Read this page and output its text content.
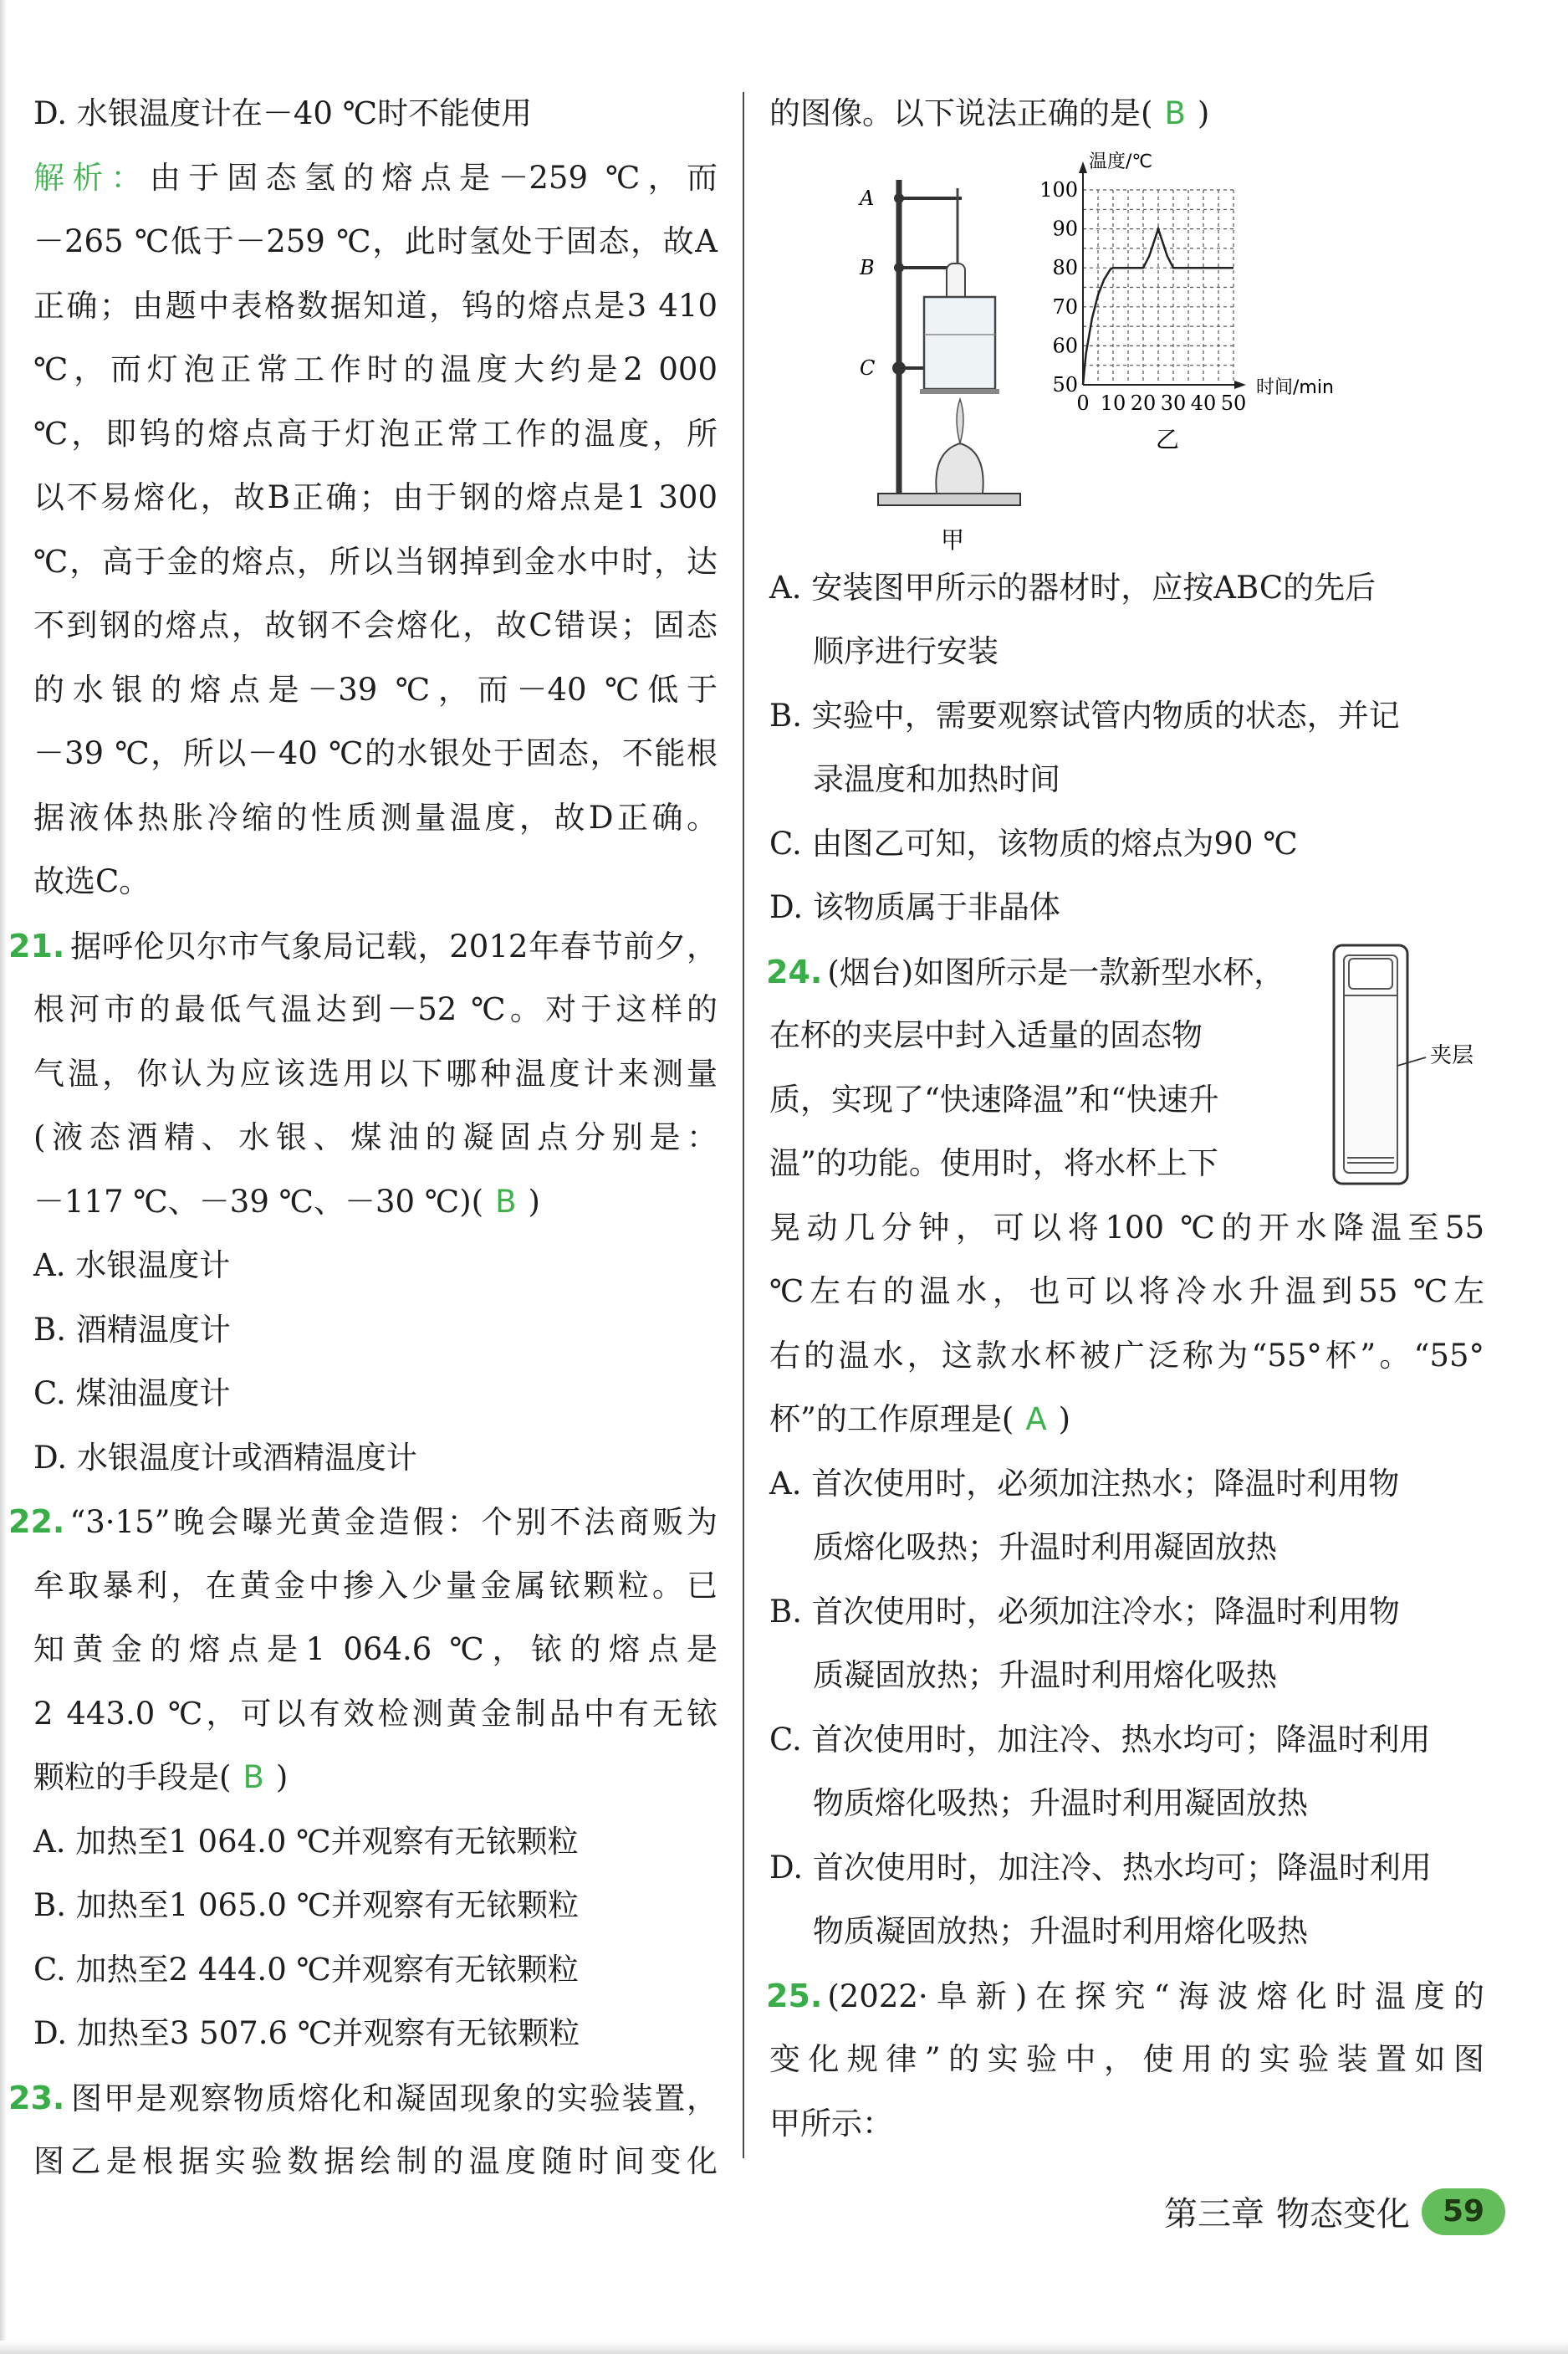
D. 水银温度计在－40 ℃时不能使用
解析：由于固态氢的熔点是－259 ℃，而
－265 ℃低于－259 ℃，此时氢处于固态，故A
正确；由题中表格数据知道，钨的熔点是3 410
℃，而灯泡正常工作时的温度大约是2 000
℃，即钨的熔点高于灯泡正常工作的温度，所
以不易熔化，故B正确；由于钢的熔点是1 300
℃，高于金的熔点，所以当钢掉到金水中时，达
不到钢的熔点，故钢不会熔化，故C错误；固态
的水银的熔点是－39 ℃，而－40 ℃低于
－39 ℃，所以－40 ℃的水银处于固态，不能根
据液体热胀冷缩的性质测量温度，故D正确。
故选C。
21. 据呼伦贝尔市气象局记载，2012年春节前夕，
根河市的最低气温达到－52 ℃。对于这样的
气温，你认为应该选用以下哪种温度计来测量
(液态酒精、水银、煤油的凝固点分别是：
－117 ℃、－39 ℃、－30 ℃)( B )
A. 水银温度计
B. 酒精温度计
C. 煤油温度计
D. 水银温度计或酒精温度计
22. “3·15”晚会曝光黄金造假：个别不法商贩为
牟取暴利，在黄金中掺入少量金属铱颗粒。已
知黄金的熔点是1 064.6 ℃，铱的熔点是
2 443.0 ℃，可以有效检测黄金制品中有无铱
颗粒的手段是( B )
A. 加热至1 064.0 ℃并观察有无铱颗粒
B. 加热至1 065.0 ℃并观察有无铱颗粒
C. 加热至2 444.0 ℃并观察有无铱颗粒
D. 加热至3 507.6 ℃并观察有无铱颗粒
23. 图甲是观察物质熔化和凝固现象的实验装置，
图乙是根据实验数据绘制的温度随时间变化
的图像。以下说法正确的是( B )
A
B
C
甲
50
60
70
80
90
100
0 10 20 30 40 50
温度/℃
时间/min
乙
A. 安装图甲所示的器材时，应按ABC的先后
顺序进行安装
B. 实验中，需要观察试管内物质的状态，并记
录温度和加热时间
C. 由图乙可知，该物质的熔点为90 ℃
D. 该物质属于非晶体
夹层
24. (烟台)如图所示是一款新型水杯，
在杯的夹层中封入适量的固态物
质，实现了“快速降温”和“快速升
温”的功能。使用时，将水杯上下
晃动几分钟，可以将100 ℃的开水降温至55
℃左右的温水，也可以将冷水升温到55 ℃左
右的温水，这款水杯被广泛称为“55°杯”。“55°
杯”的工作原理是( A )
A. 首次使用时，必须加注热水；降温时利用物
质熔化吸热；升温时利用凝固放热
B. 首次使用时，必须加注冷水；降温时利用物
质凝固放热；升温时利用熔化吸热
C. 首次使用时，加注冷、热水均可；降温时利用
物质熔化吸热；升温时利用凝固放热
D. 首次使用时，加注冷、热水均可；降温时利用
物质凝固放热；升温时利用熔化吸热
25. (2022·阜新)在探究“海波熔化时温度的
变化规律”的实验中，使用的实验装置如图
甲所示：
第三章 物态变化	59
